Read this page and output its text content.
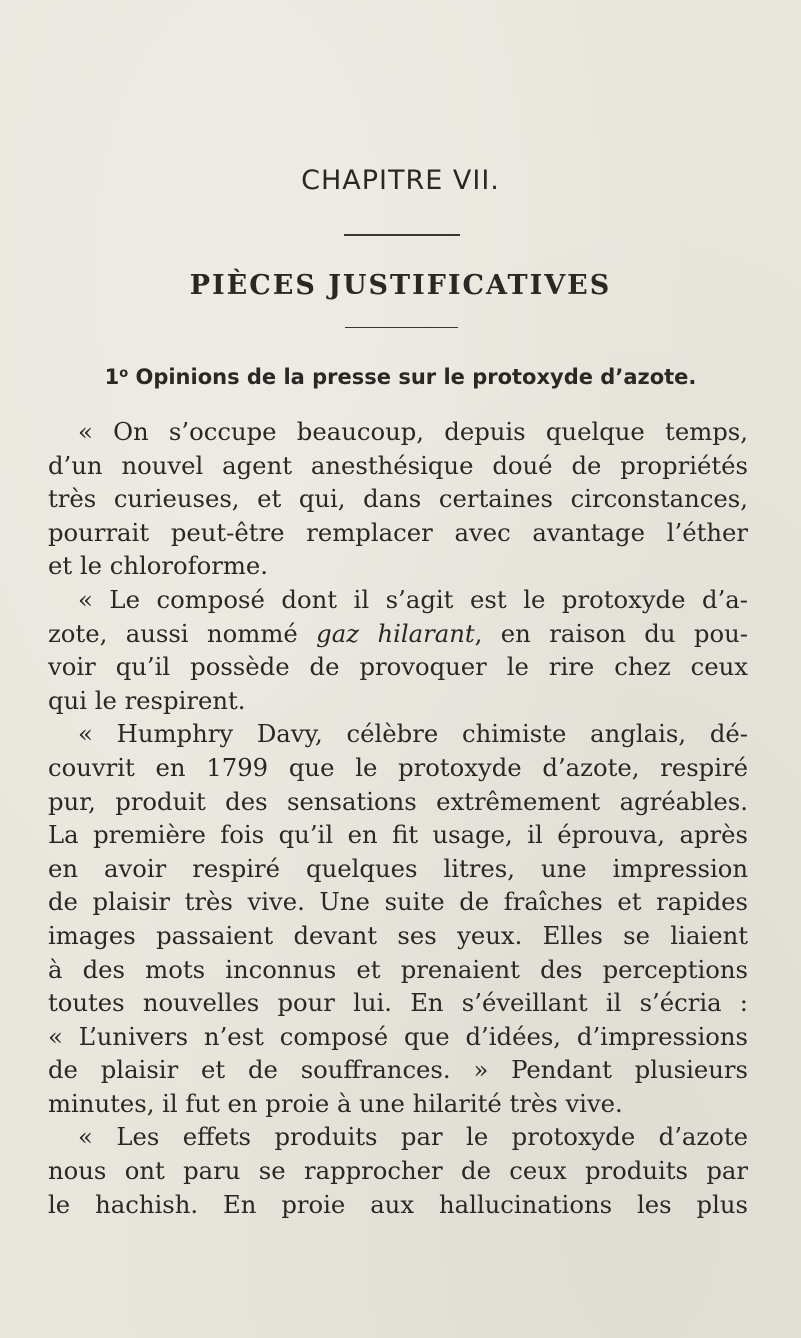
CHAPITRE VII.
PIÈCES JUSTIFICATIVES
1$^o$ Opinions de la presse sur le protoxyde d’azote.
« On s’occupe beaucoup, depuis quelque temps,
d’un nouvel agent anesthésique doué de propriétés
très curieuses, et qui, dans certaines circonstances,
pourrait peut-être remplacer avec avantage l’éther
et le chloroforme.
« Le composé dont il s’agit est le protoxyde d’a-
zote, aussi nommé gaz hilarant, en raison du pou-
voir qu’il possède de provoquer le rire chez ceux
qui le respirent.
« Humphry Davy, célèbre chimiste anglais, dé-
couvrit en 1799 que le protoxyde d’azote, respiré
pur, produit des sensations extrêmement agréables.
La première fois qu’il en fit usage, il éprouva, après
en avoir respiré quelques litres, une impression
de plaisir très vive. Une suite de fraîches et rapides
images passaient devant ses yeux. Elles se liaient
à des mots inconnus et prenaient des perceptions
toutes nouvelles pour lui. En s’éveillant il s’écria :
« L’univers n’est composé que d’idées, d’impressions
de plaisir et de souffrances. » Pendant plusieurs
minutes, il fut en proie à une hilarité très vive.
« Les effets produits par le protoxyde d’azote
nous ont paru se rapprocher de ceux produits par
le hachish. En proie aux hallucinations les plus
